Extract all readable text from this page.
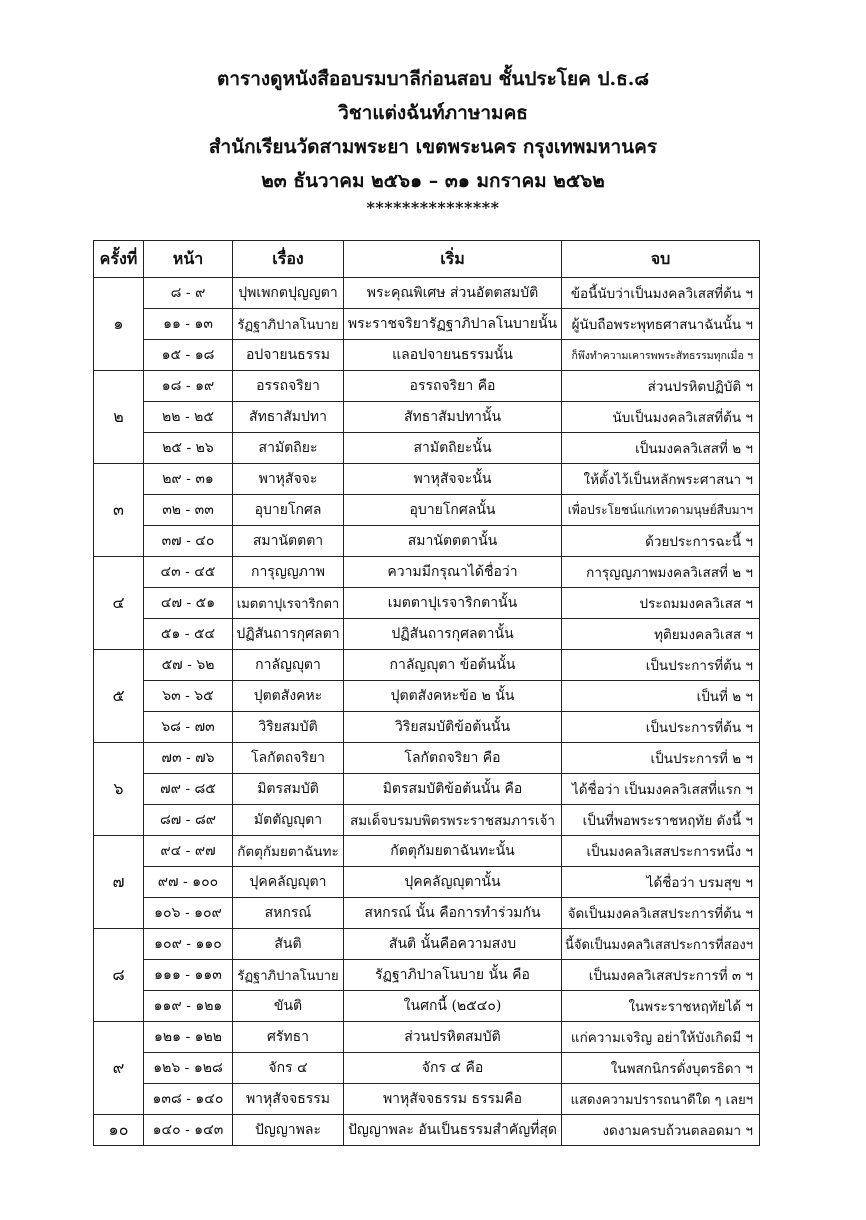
ตารางดูหนังสืออบรมบาลีก่อนสอบ ชั้นประโยค ป.ธ.๘
วิชาแต่งฉันท์ภาษามคธ
สำนักเรียนวัดสามพระยา เขตพระนคร กรุงเทพมหานคร
๒๓ ธันวาคม ๒๕๖๑ – ๓๑ มกราคม ๒๕๖๒
***************
ครั้งที่	หน้า	เรื่อง	เริ่ม	จบ
๑	๘ - ๙	ปุพเพกตปุญญตา	พระคุณพิเศษ ส่วนอัตตสมบัติ	ข้อนี้นับว่าเป็นมงคลวิเสสที่ต้น ฯ
	๑๑ - ๑๓	รัฏฐาภิปาลโนบาย	พระราชจริยารัฏฐาภิปาลโนบายนั้น	ผู้นับถือพระพุทธศาสนาฉันนั้น ฯ
	๑๕ - ๑๘	อปจายนธรรม	แลอปจายนธรรมนั้น	ก็พึงทำความเคารพพระสัทธรรมทุกเมื่อ ฯ
๒	๑๘ - ๑๙	อรรถจริยา	อรรถจริยา คือ	ส่วนปรหิตปฏิบัติ ฯ
	๒๒ - ๒๕	สัทธาสัมปทา	สัทธาสัมปทานั้น	นับเป็นมงคลวิเสสที่ต้น ฯ
	๒๕ - ๒๖	สามัตถิยะ	สามัตถิยะนั้น	เป็นมงคลวิเสสที่ ๒ ฯ
๓	๒๙ - ๓๑	พาหุสัจจะ	พาหุสัจจะนั้น	ให้ตั้งไว้เป็นหลักพระศาสนา ฯ
	๓๒ - ๓๓	อุบายโกศล	อุบายโกศลนั้น	เพื่อประโยชน์แก่เทวดามนุษย์สืบมาฯ
	๓๗ - ๔๐	สมานัตตตา	สมานัตตตานั้น	ด้วยประการฉะนี้ ฯ
๔	๔๓ - ๔๕	การุญญภาพ	ความมีกรุณาได้ชื่อว่า	การุญญภาพมงคลวิเสสที่ ๒ ฯ
	๔๗ - ๕๑	เมตตาปุเรจาริกตา	เมตตาปุเรจาริกตานั้น	ประถมมงคลวิเสส ฯ
	๕๑ - ๕๔	ปฏิสันถารกุศลตา	ปฏิสันถารกุศลตานั้น	ทุติยมงคลวิเสส ฯ
๕	๕๗ - ๖๒	กาลัญญุตา	กาลัญญุตา ข้อต้นนั้น	เป็นประการที่ต้น ฯ
	๖๓ - ๖๕	ปุตตสังคหะ	ปุตตสังคหะข้อ ๒ นั้น	เป็นที่ ๒ ฯ
	๖๘ - ๗๓	วิริยสมบัติ	วิริยสมบัติข้อต้นนั้น	เป็นประการที่ต้น ฯ
๖	๗๓ - ๗๖	โลกัตถจริยา	โลกัตถจริยา คือ	เป็นประการที่ ๒ ฯ
	๗๙ - ๘๕	มิตรสมบัติ	มิตรสมบัติข้อต้นนั้น คือ	ได้ชื่อว่า เป็นมงคลวิเสสที่แรก ฯ
	๘๗ - ๘๙	มัตตัญญุตา	สมเด็จบรมบพิตรพระราชสมภารเจ้า	เป็นที่พอพระราชหฤทัย ดังนี้ ฯ
๗	๙๔ - ๙๗	กัตตุกัมยตาฉันทะ	กัตตุกัมยตาฉันทะนั้น	เป็นมงคลวิเสสประการหนึ่ง ฯ
	๙๗ - ๑๐๐	ปุคคลัญญุตา	ปุคคลัญญุตานั้น	ได้ชื่อว่า บรมสุข ฯ
	๑๐๖ - ๑๐๙	สหกรณ์	สหกรณ์ นั้น คือการทำร่วมกัน	จัดเป็นมงคลวิเสสประการที่ต้น ฯ
๘	๑๐๙ - ๑๑๐	สันติ	สันติ นั้นคือความสงบ	นี้จัดเป็นมงคลวิเสสประการที่สองฯ
	๑๑๑ - ๑๑๓	รัฏฐาภิปาลโนบาย	รัฏฐาภิปาลโนบาย นั้น คือ	เป็นมงคลวิเสสประการที่ ๓ ฯ
	๑๑๙ - ๑๒๑	ขันติ	ในศกนี้ (๒๕๔๐)	ในพระราชหฤทัยได้ ฯ
๙	๑๒๑ - ๑๒๒	ศรัทธา	ส่วนปรหิตสมบัติ	แก่ความเจริญ อย่าให้บังเกิดมี ฯ
	๑๒๖ - ๑๒๘	จักร ๔	จักร ๔ คือ	ในพสกนิกรดั่งบุตรธิดา ฯ
	๑๓๘ - ๑๔๐	พาหุสัจจธรรม	พาหุสัจจธรรม ธรรมคือ	แสดงความปรารถนาดีใด ๆ เลยฯ
๑๐	๑๔๐ - ๑๔๓	ปัญญาพละ	ปัญญาพละ อันเป็นธรรมสำคัญที่สุด	งดงามครบถ้วนตลอดมา ฯ
